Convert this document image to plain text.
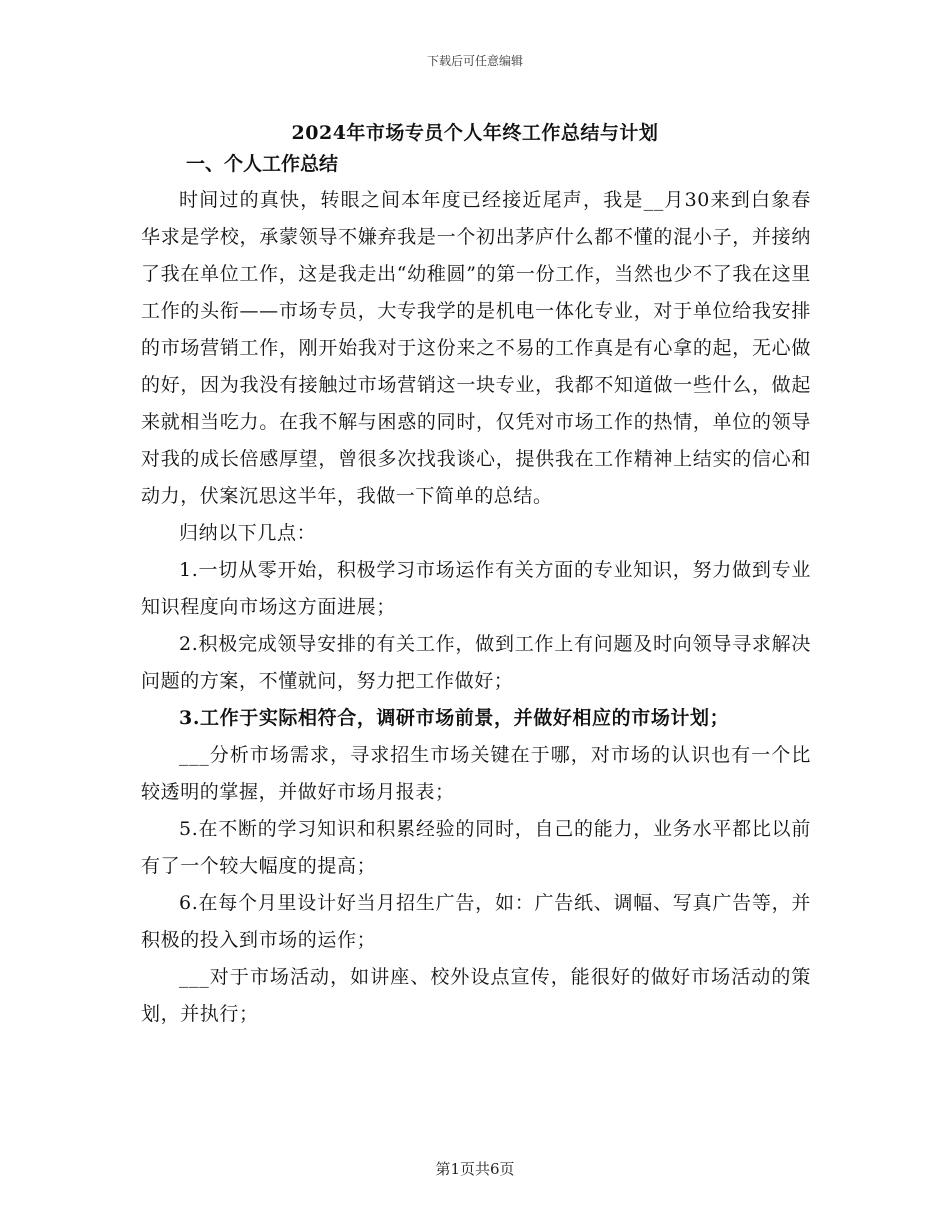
下载后可任意编辑
2024年市场专员个人年终工作总结与计划

一、个人工作总结

时间过的真快，转眼之间本年度已经接近尾声，我是__月30来到白象春华求是学校，承蒙领导不嫌弃我是一个初出茅庐什么都不懂的混小子，并接纳了我在单位工作，这是我走出“幼稚圆”的第一份工作，当然也少不了我在这里工作的头衔——市场专员，大专我学的是机电一体化专业，对于单位给我安排的市场营销工作，刚开始我对于这份来之不易的工作真是有心拿的起，无心做的好，因为我没有接触过市场营销这一块专业，我都不知道做一些什么，做起来就相当吃力。在我不解与困惑的同时，仅凭对市场工作的热情，单位的领导对我的成长倍感厚望，曾很多次找我谈心，提供我在工作精神上结实的信心和动力，伏案沉思这半年，我做一下简单的总结。

归纳以下几点：

1.一切从零开始，积极学习市场运作有关方面的专业知识，努力做到专业知识程度向市场这方面进展；

2.积极完成领导安排的有关工作，做到工作上有问题及时向领导寻求解决问题的方案，不懂就问，努力把工作做好；

3.工作于实际相符合，调研市场前景，并做好相应的市场计划；

___分析市场需求，寻求招生市场关键在于哪，对市场的认识也有一个比较透明的掌握，并做好市场月报表；

5.在不断的学习知识和积累经验的同时，自己的能力，业务水平都比以前有了一个较大幅度的提高；

6.在每个月里设计好当月招生广告，如：广告纸、调幅、写真广告等，并积极的投入到市场的运作；

___对于市场活动，如讲座、校外设点宣传，能很好的做好市场活动的策划，并执行；

第1页共6页
